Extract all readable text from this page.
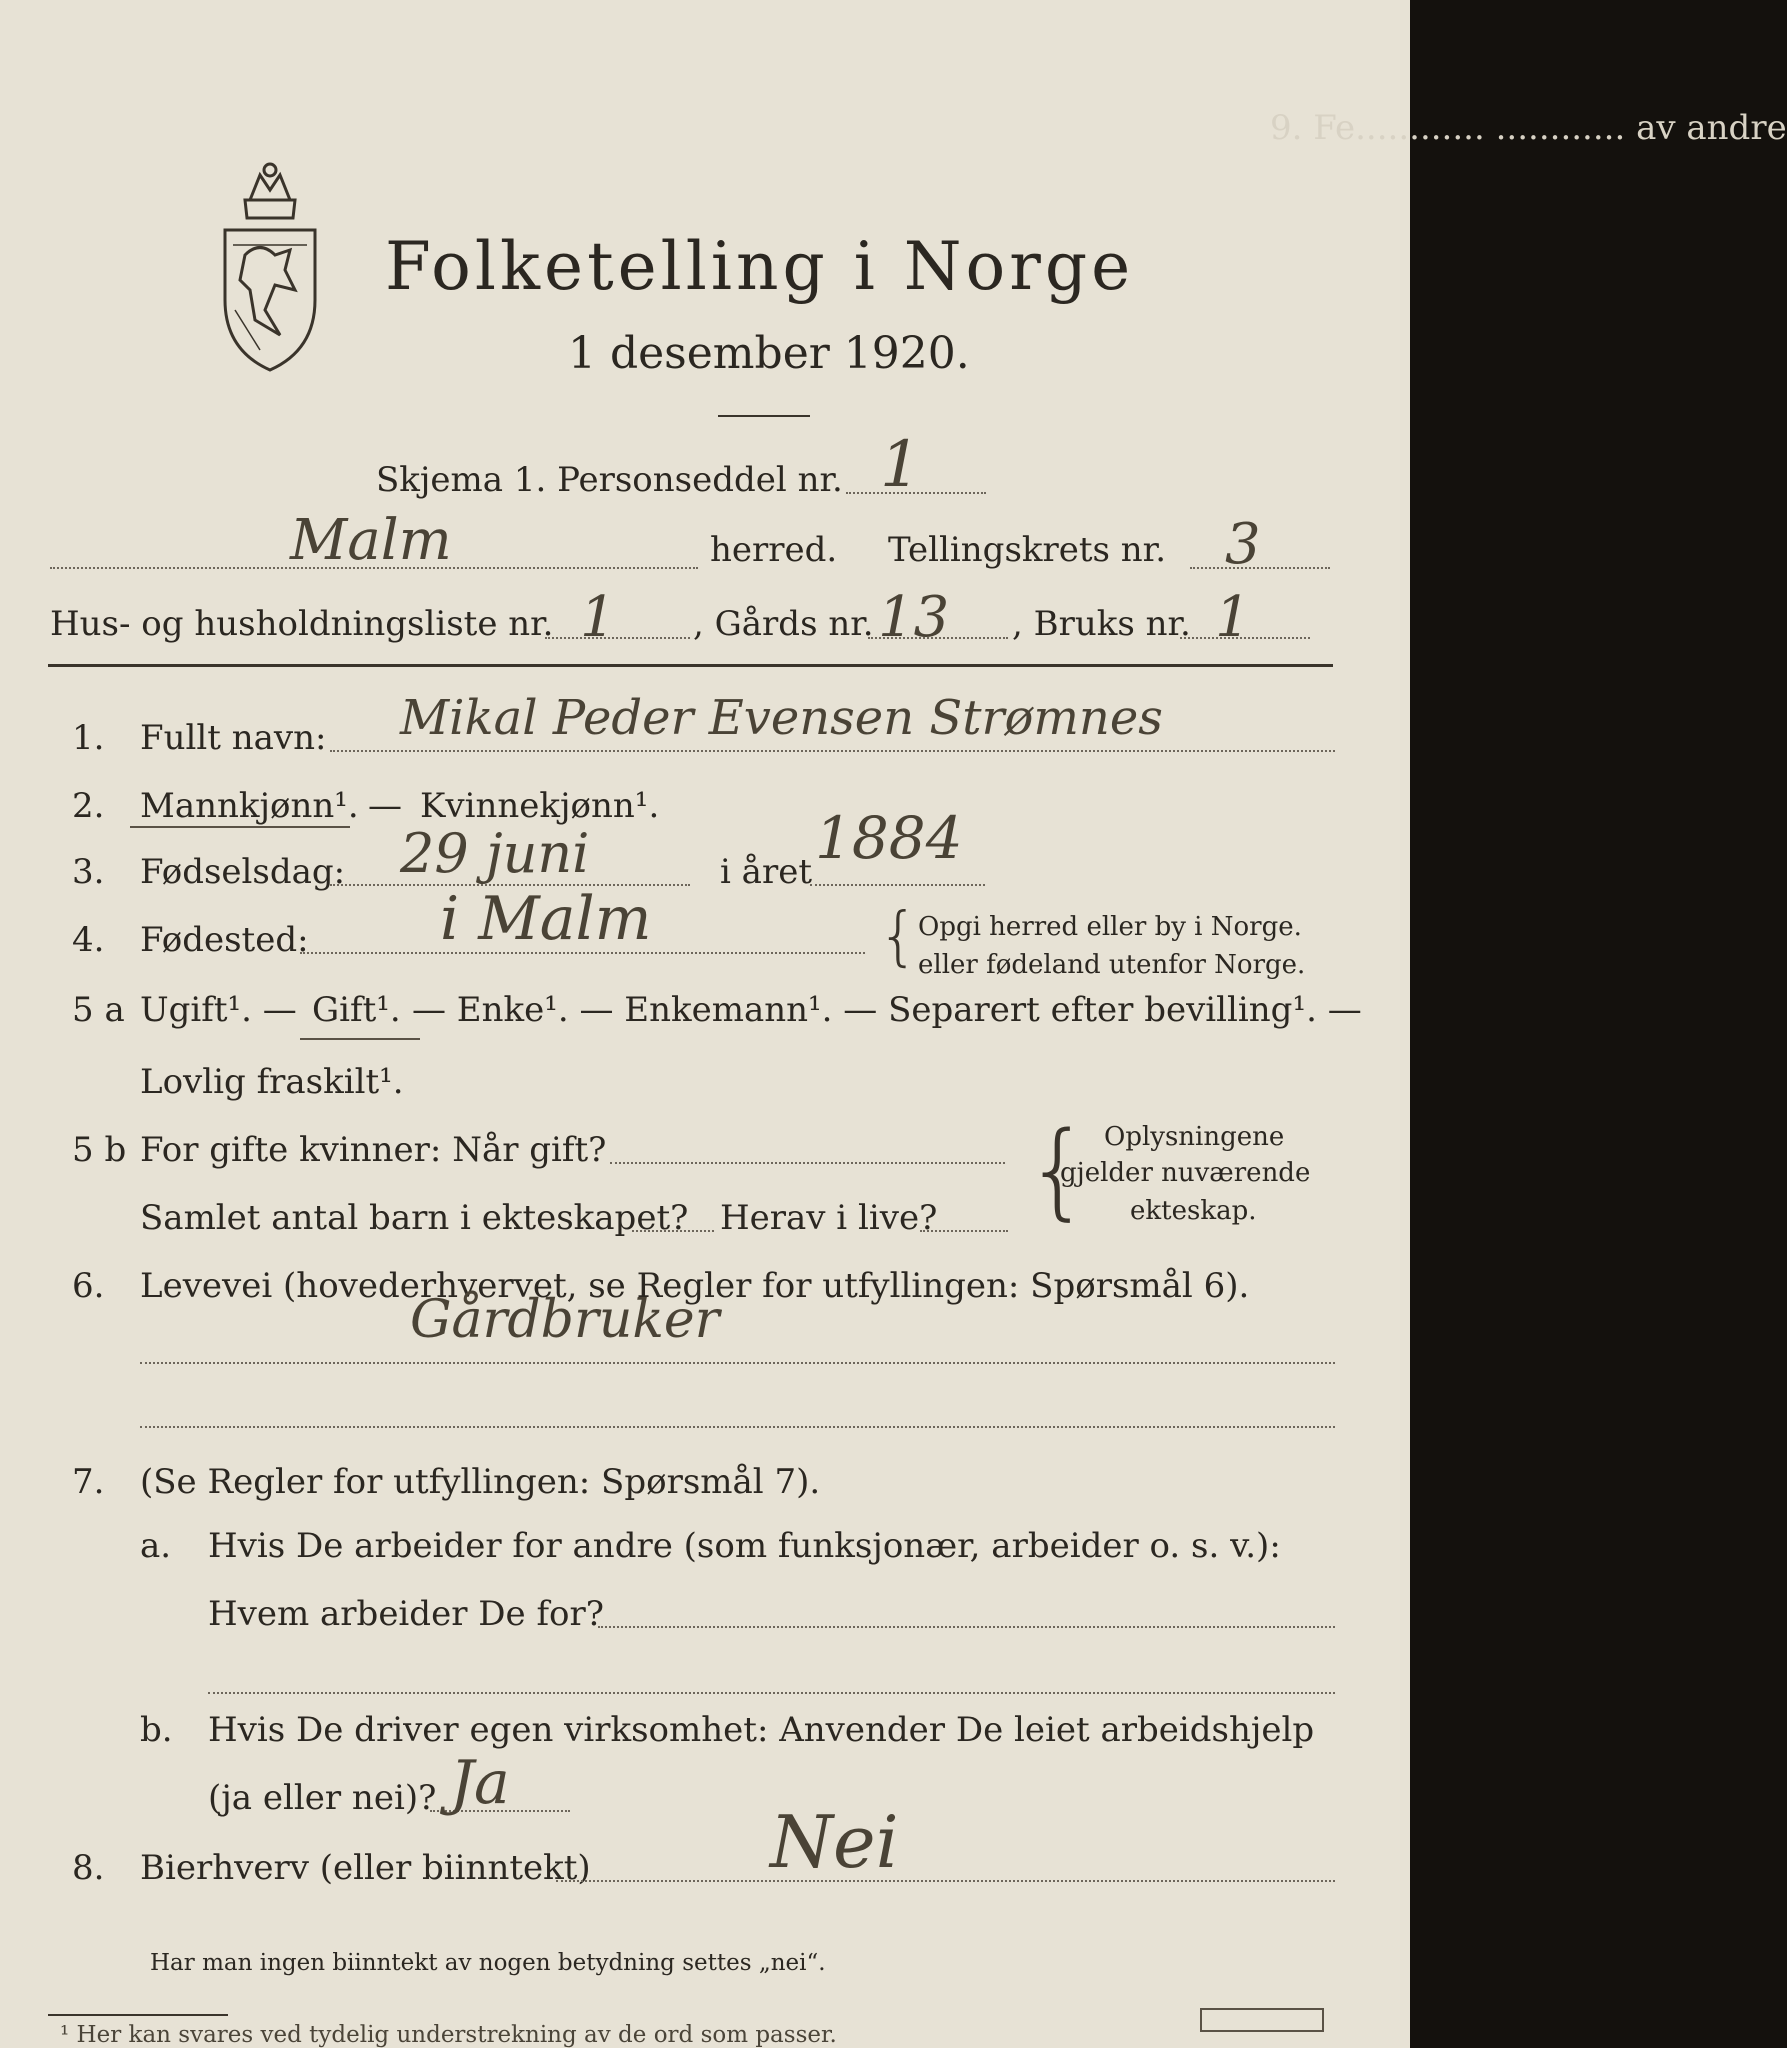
9. Fe............ ............ av andre
Folketelling i Norge
1 desember 1920.
Skjema 1. Personseddel nr. 1
Malm	herred. Tellingskrets nr. 3
Hus- og husholdningsliste nr. 1 , Gårds nr. 13 , Bruks nr. 1
1. Fullt navn: Mikal Peder Evensen Strømnes
2. Mannkjønn¹. — Kvinnekjønn¹.
3. Fødselsdag: 29 juni	i året 1884
4. Fødested: i Malm	{ Opgi herred eller by i Norge.
eller fødeland utenfor Norge.
5 a Ugift¹. — Gift¹. — Enke¹. — Enkemann¹. — Separert efter bevilling¹. —
Lovlig fraskilt¹.
5 b For gifte kvinner: Når gift?
Samlet antal barn i ekteskapet? Herav i live? { Oplysningene
gjelder nuværende
ekteskap.
6. Levevei (hovederhvervet, se Regler for utfyllingen: Spørsmål 6).
Gårdbruker
7. (Se Regler for utfyllingen: Spørsmål 7).
a. Hvis De arbeider for andre (som funksjonær, arbeider o. s. v.):
Hvem arbeider De for?
b. Hvis De driver egen virksomhet: Anvender De leiet arbeidshjelp
(ja eller nei)? Ja
8. Bierhverv (eller biinntekt) Nei
Har man ingen biinntekt av nogen betydning settes „nei“.
¹ Her kan svares ved tydelig understrekning av de ord som passer.
